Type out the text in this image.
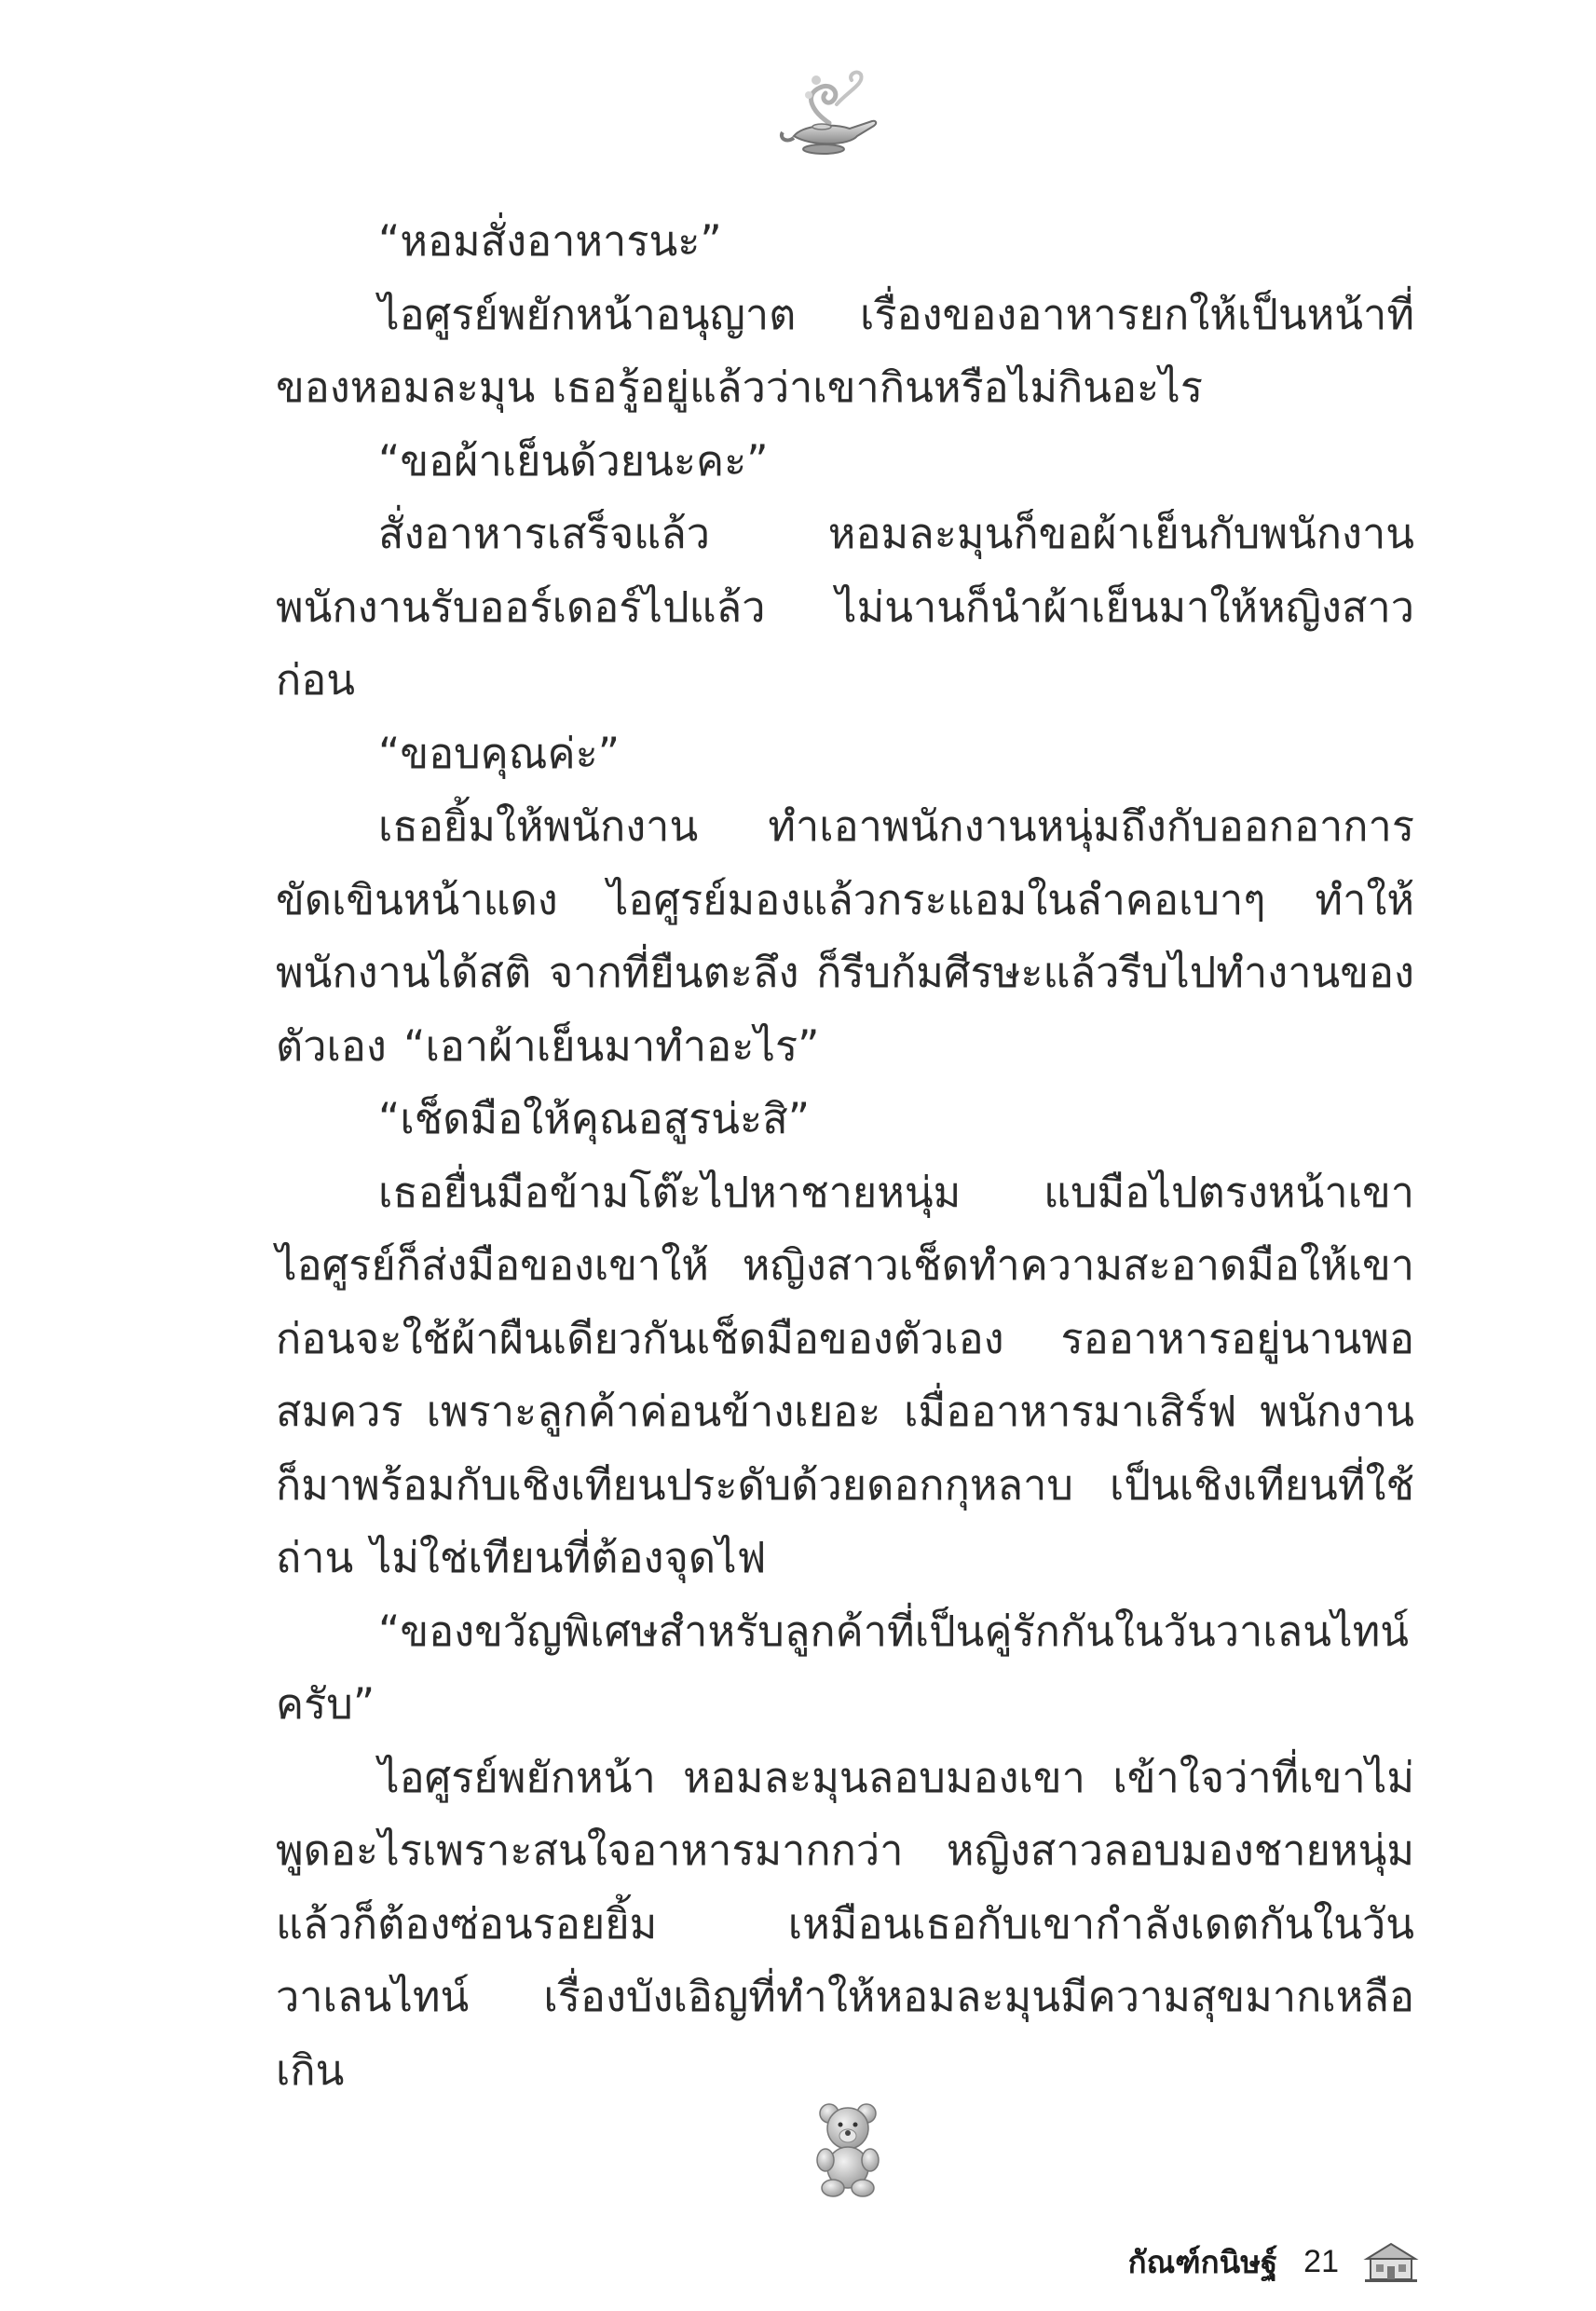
“หอมสั่งอาหารนะ”

ไอศูรย์พยักหน้าอนุญาต เรื่องของอาหารยกให้เป็นหน้าที่ของหอมละมุน เธอรู้อยู่แล้วว่าเขากินหรือไม่กินอะไร

“ขอผ้าเย็นด้วยนะคะ”

สั่งอาหารเสร็จแล้ว หอมละมุนก็ขอผ้าเย็นกับพนักงาน พนักงานรับออร์เดอร์ไปแล้ว ไม่นานก็นำผ้าเย็นมาให้หญิงสาวก่อน

“ขอบคุณค่ะ”

เธอยิ้มให้พนักงาน ทำเอาพนักงานหนุ่มถึงกับออกอาการขัดเขินหน้าแดง ไอศูรย์มองแล้วกระแอมในลำคอเบาๆ ทำให้พนักงานได้สติ จากที่ยืนตะลึง ก็รีบก้มศีรษะแล้วรีบไปทำงานของตัวเอง “เอาผ้าเย็นมาทำอะไร”

“เช็ดมือให้คุณอสูรน่ะสิ”

เธอยื่นมือข้ามโต๊ะไปหาชายหนุ่ม แบมือไปตรงหน้าเขา ไอศูรย์ก็ส่งมือของเขาให้ หญิงสาวเช็ดทำความสะอาดมือให้เขา ก่อนจะใช้ผ้าผืนเดียวกันเช็ดมือของตัวเอง รออาหารอยู่นานพอสมควร เพราะลูกค้าค่อนข้างเยอะ เมื่ออาหารมาเสิร์ฟ พนักงานก็มาพร้อมกับเชิงเทียนประดับด้วยดอกกุหลาบ เป็นเชิงเทียนที่ใช้ถ่าน ไม่ใช่เทียนที่ต้องจุดไฟ

“ของขวัญพิเศษสำหรับลูกค้าที่เป็นคู่รักกันในวันวาเลนไทน์ครับ”

ไอศูรย์พยักหน้า หอมละมุนลอบมองเขา เข้าใจว่าที่เขาไม่พูดอะไรเพราะสนใจอาหารมากกว่า หญิงสาวลอบมองชายหนุ่ม แล้วก็ต้องซ่อนรอยยิ้ม เหมือนเธอกับเขากำลังเดตกันในวันวาเลนไทน์ เรื่องบังเอิญที่ทำให้หอมละมุนมีความสุขมากเหลือเกิน

กัณฑ์กนิษฐ์ 21
